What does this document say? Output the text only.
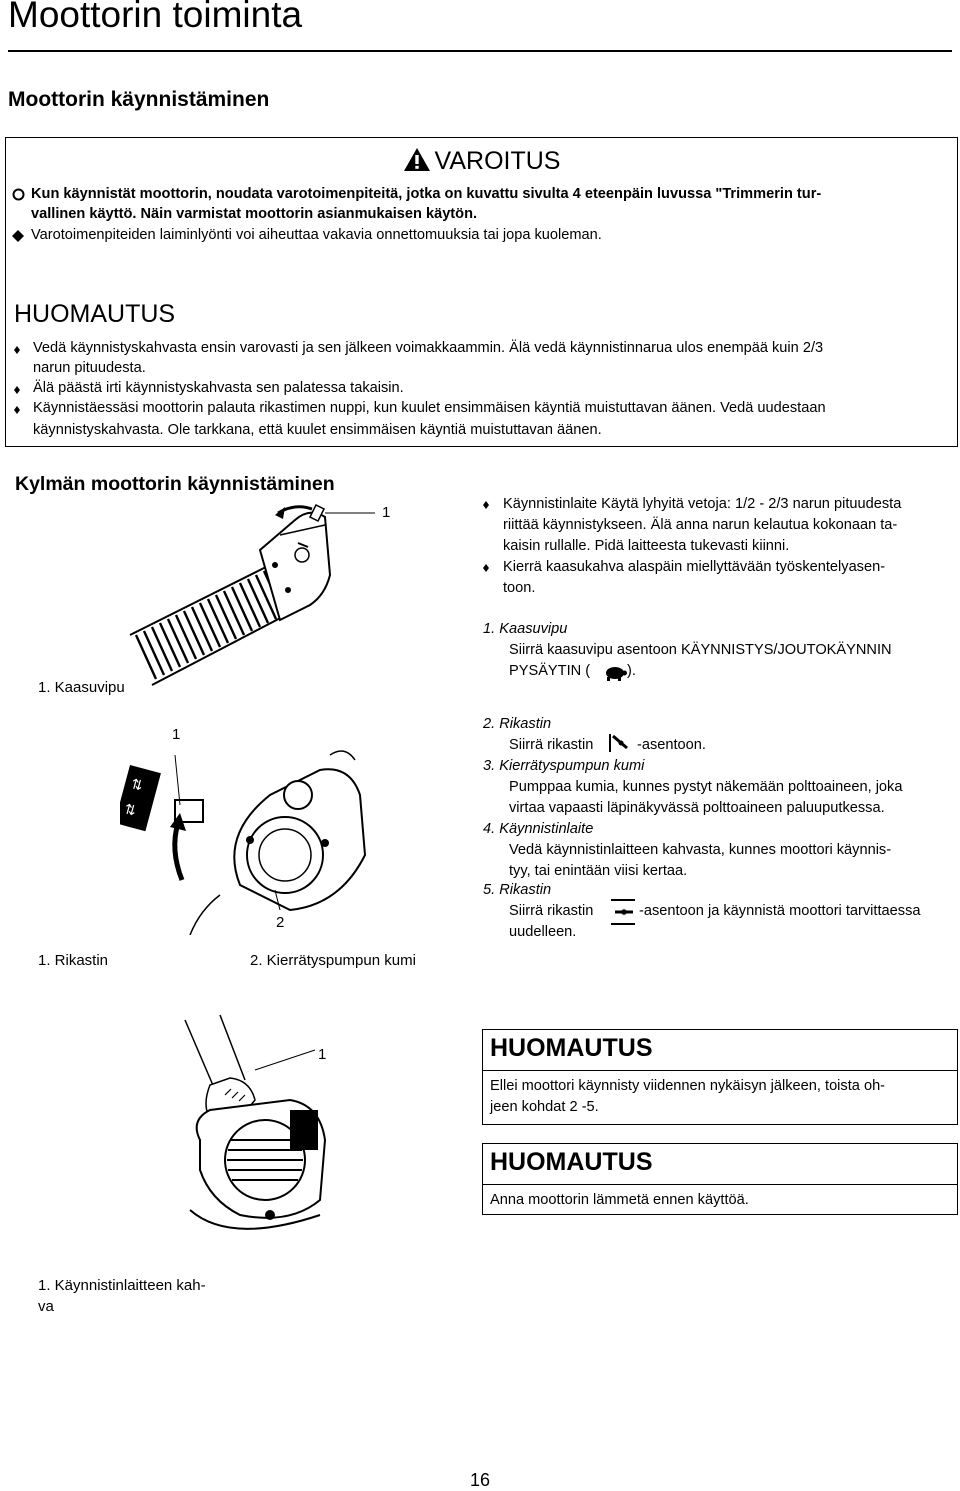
Moottorin toiminta
Moottorin käynnistäminen
VAROITUS
Kun käynnistät moottorin, noudata varotoimenpiteitä, jotka on kuvattu sivulta 4 eteenpäin luvussa "Trimmerin tur-
vallinen käyttö. Näin varmistat moottorin asianmukaisen käytön.
Varotoimenpiteiden laiminlyönti voi aiheuttaa vakavia onnettomuuksia tai jopa kuoleman.
HUOMAUTUS
Vedä käynnistyskahvasta ensin varovasti ja sen jälkeen voimakkaammin. Älä vedä käynnistinnarua ulos enempää kuin 2/3
narun pituudesta.
Älä päästä irti käynnistyskahvasta sen palatessa takaisin.
Käynnistäessäsi moottorin palauta rikastimen nuppi, kun kuulet ensimmäisen käyntiä muistuttavan äänen. Vedä uudestaan
käynnistyskahvasta. Ole tarkkana, että kuulet ensimmäisen käyntiä muistuttavan äänen.
Kylmän moottorin käynnistäminen
1
1. Kaasuvipu
⇅
⇅
1
2
1. Rikastin	2. Kierrätyspumpun kumi
1
1. Käynnistinlaitteen kah-
va
Käynnistinlaite Käytä lyhyitä vetoja: 1/2 - 2/3 narun pituudesta
riittää käynnistykseen. Älä anna narun kelautua kokonaan ta-
kaisin rullalle. Pidä laitteesta tukevasti kiinni.
Kierrä kaasukahva alaspäin miellyttävään työskentelyasen-
toon.
1. Kaasuvipu
Siirrä kaasuvipu asentoon KÄYNNISTYS/JOUTOKÄYNNIN
PYSÄYTIN (	).
2. Rikastin
Siirrä rikastin	-asentoon.
3. Kierrätyspumpun kumi
Pumppaa kumia, kunnes pystyt näkemään polttoaineen, joka
virtaa vapaasti läpinäkyvässä polttoaineen paluuputkessa.
4. Käynnistinlaite
Vedä käynnistinlaitteen kahvasta, kunnes moottori käynnis-
tyy, tai enintään viisi kertaa.
5. Rikastin
Siirrä rikastin	-asentoon ja käynnistä moottori tarvittaessa
uudelleen.
HUOMAUTUS
Ellei moottori käynnisty viidennen nykäisyn jälkeen, toista oh-
jeen kohdat 2 -5.
HUOMAUTUS
Anna moottorin lämmetä ennen käyttöä.
16
